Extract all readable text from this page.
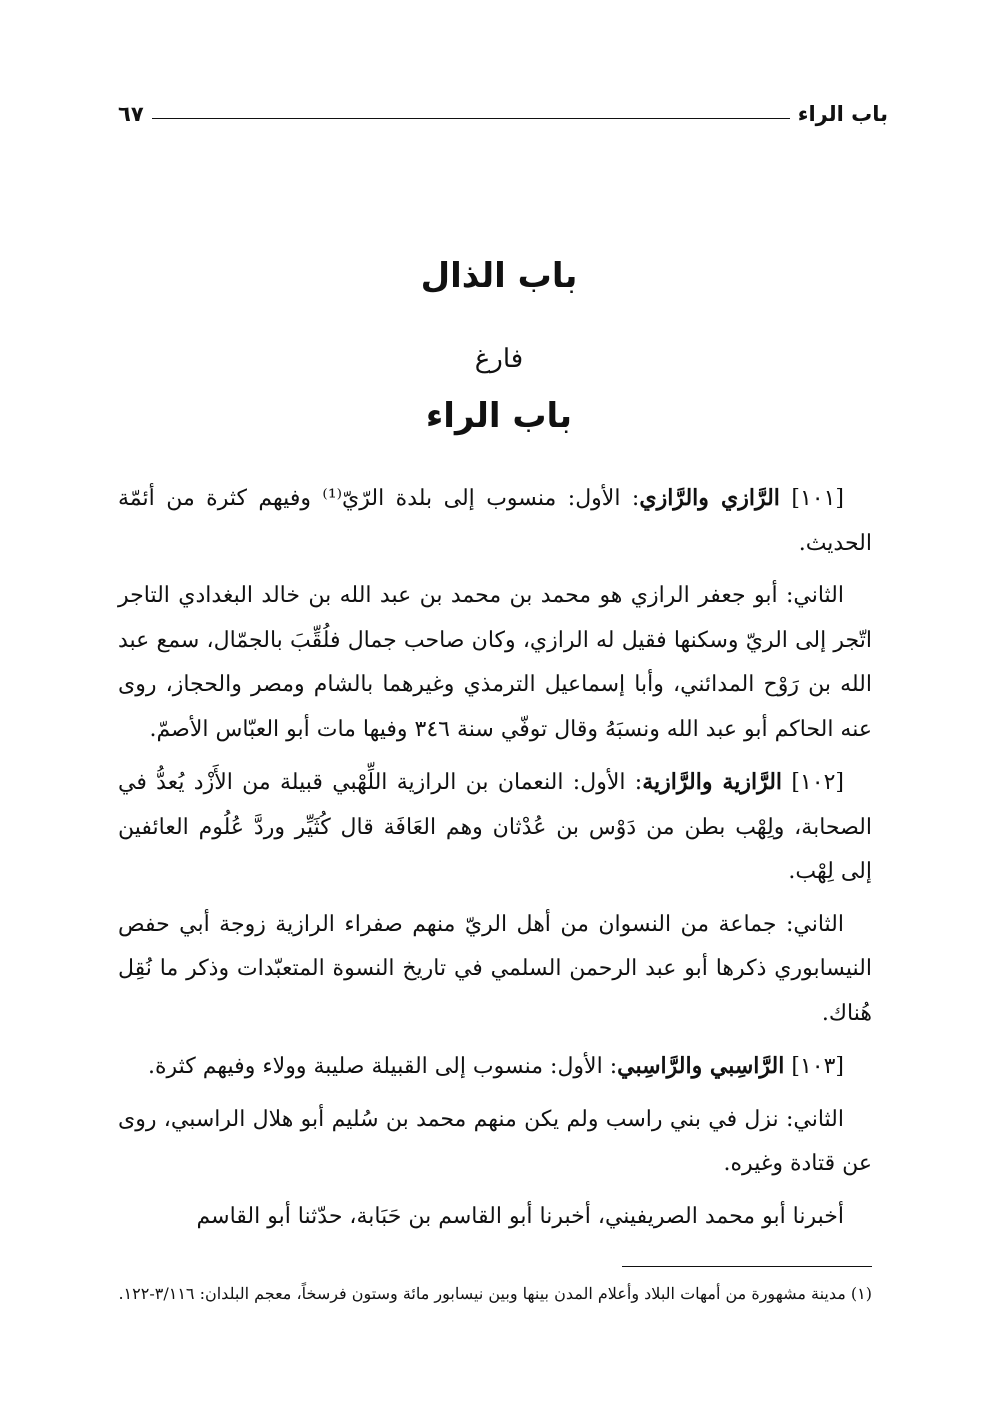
باب الراء
٦٧
باب الذال
فارغ
باب الراء

[١٠١] الرَّازي والرَّازي: الأول: منسوب إلى بلدة الرّيّ⁽¹⁾ وفيهم كثرة من أئمّة الحديث.

الثاني: أبو جعفر الرازي هو محمد بن محمد بن عبد الله بن خالد البغدادي التاجر اتّجر إلى الريّ وسكنها فقيل له الرازي، وكان صاحب جمال فلُقِّبَ بالجمّال، سمع عبد الله بن رَوْح المدائني، وأبا إسماعيل الترمذي وغيرهما بالشام ومصر والحجاز، روى عنه الحاكم أبو عبد الله ونسبَهُ وقال توفّي سنة ٣٤٦ وفيها مات أبو العبّاس الأصمّ.

[١٠٢] الرَّازية والرَّازية: الأول: النعمان بن الرازية اللِّهْبي قبيلة من الأَزْد يُعدُّ في الصحابة، ولِهْب بطن من دَوْس بن عُدْثان وهم العَافَة قال كُثَيِّر وردَّ عُلُوم العائفين إلى لِهْب.

الثاني: جماعة من النسوان من أهل الريّ منهم صفراء الرازية زوجة أبي حفص النيسابوري ذكرها أبو عبد الرحمن السلمي في تاريخ النسوة المتعبّدات وذكر ما نُقِل هُناك.

[١٠٣] الرَّاسِبي والرَّاسِبي: الأول: منسوب إلى القبيلة صليبة وولاء وفيهم كثرة.

الثاني: نزل في بني راسب ولم يكن منهم محمد بن سُليم أبو هلال الراسبي، روى عن قتادة وغيره.

أخبرنا أبو محمد الصريفيني، أخبرنا أبو القاسم بن حَبَابة، حدّثنا أبو القاسم

(١) مدينة مشهورة من أمهات البلاد وأعلام المدن بينها وبين نيسابور مائة وستون فرسخاً، معجم البلدان: ٣/١١٦-١٢٢.
